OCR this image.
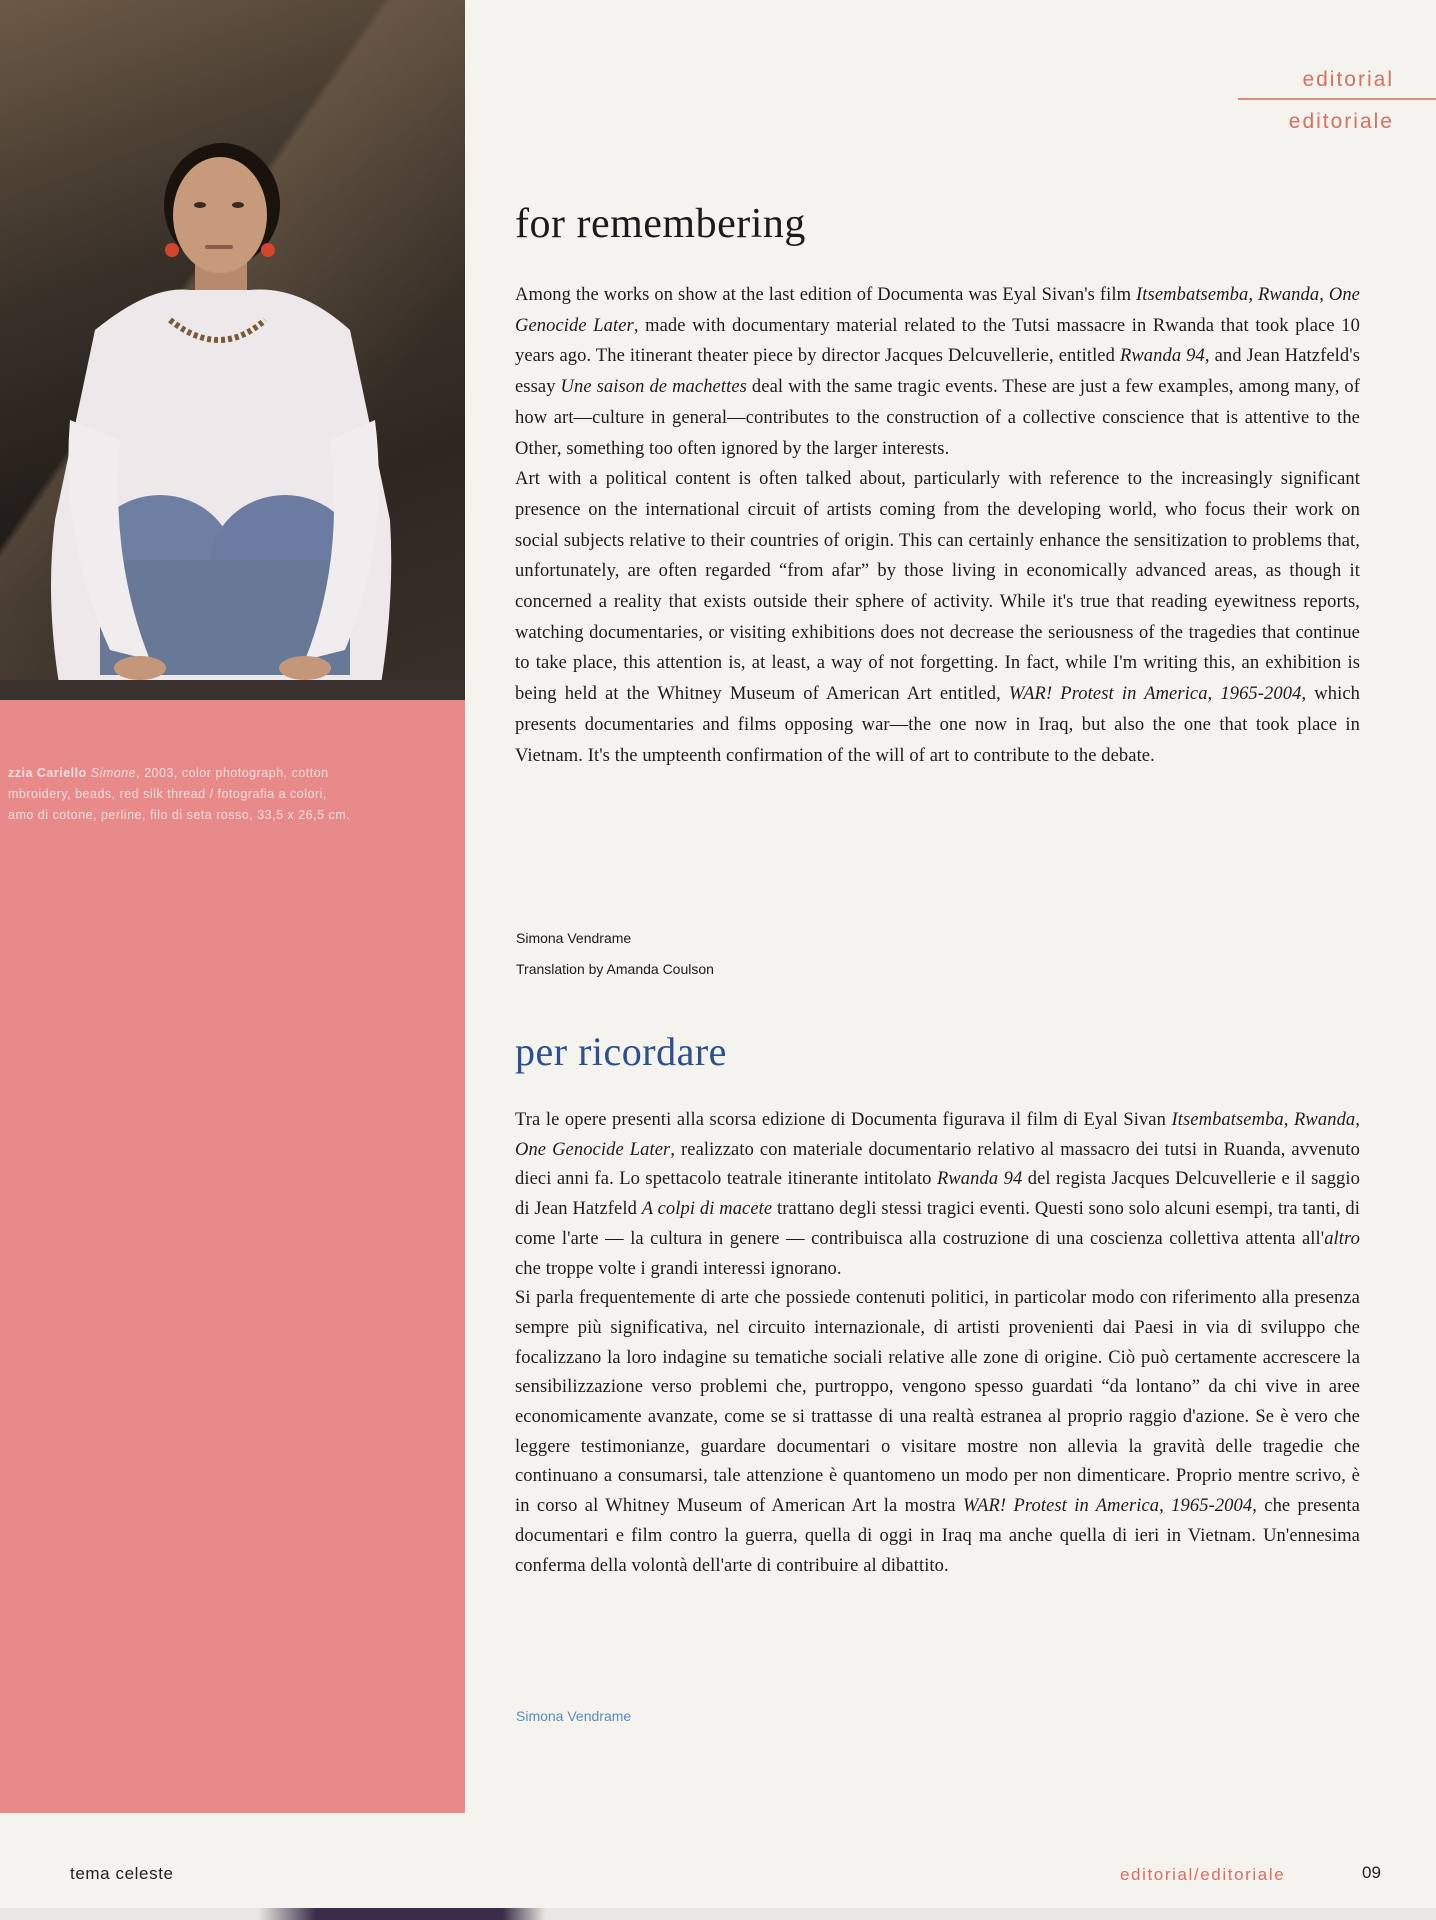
zzia Cariello Simone, 2003, color photograph, cotton
mbroidery, beads, red silk thread / fotografia a colori,
amo di cotone, perline, filo di seta rosso, 33,5 x 26,5 cm.
editorial
editoriale
for remembering

Among the works on show at the last edition of Documenta was Eyal Sivan's film Itsembatsemba, Rwanda, One Genocide Later, made with documentary material related to the Tutsi massacre in Rwanda that took place 10 years ago. The itinerant theater piece by director Jacques Delcuvellerie, entitled Rwanda 94, and Jean Hatzfeld's essay Une saison de machettes deal with the same tragic events. These are just a few examples, among many, of how art—culture in general—contributes to the construction of a collective conscience that is attentive to the Other, something too often ignored by the larger interests.

Art with a political content is often talked about, particularly with reference to the increasingly significant presence on the international circuit of artists coming from the developing world, who focus their work on social subjects relative to their countries of origin. This can certainly enhance the sensitization to problems that, unfortunately, are often regarded “from afar” by those living in economically advanced areas, as though it concerned a reality that exists outside their sphere of activity. While it's true that reading eyewitness reports, watching documentaries, or visiting exhibitions does not decrease the seriousness of the tragedies that continue to take place, this attention is, at least, a way of not forgetting. In fact, while I'm writing this, an exhibition is being held at the Whitney Museum of American Art entitled, WAR! Protest in America, 1965-2004, which presents documentaries and films opposing war—the one now in Iraq, but also the one that took place in Vietnam. It's the umpteenth confirmation of the will of art to contribute to the debate.

Simona Vendrame
Translation by Amanda Coulson
per ricordare

Tra le opere presenti alla scorsa edizione di Documenta figurava il film di Eyal Sivan Itsembatsemba, Rwanda, One Genocide Later, realizzato con materiale documentario relativo al massacro dei tutsi in Ruanda, avvenuto dieci anni fa. Lo spettacolo teatrale itinerante intitolato Rwanda 94 del regista Jacques Delcuvellerie e il saggio di Jean Hatzfeld A colpi di macete trattano degli stessi tragici eventi. Questi sono solo alcuni esempi, tra tanti, di come l'arte — la cultura in genere — contribuisca alla costruzione di una coscienza collettiva attenta all'altro che troppe volte i grandi interessi ignorano.

Si parla frequentemente di arte che possiede contenuti politici, in particolar modo con riferimento alla presenza sempre più significativa, nel circuito internazionale, di artisti provenienti dai Paesi in via di sviluppo che focalizzano la loro indagine su tematiche sociali relative alle zone di origine. Ciò può certamente accrescere la sensibilizzazione verso problemi che, purtroppo, vengono spesso guardati “da lontano” da chi vive in aree economicamente avanzate, come se si trattasse di una realtà estranea al proprio raggio d'azione. Se è vero che leggere testimonianze, guardare documentari o visitare mostre non allevia la gravità delle tragedie che continuano a consumarsi, tale attenzione è quantomeno un modo per non dimenticare. Proprio mentre scrivo, è in corso al Whitney Museum of American Art la mostra WAR! Protest in America, 1965-2004, che presenta documentari e film contro la guerra, quella di oggi in Iraq ma anche quella di ieri in Vietnam. Un'ennesima conferma della volontà dell'arte di contribuire al dibattito.

Simona Vendrame
tema celeste	editorial/editoriale	09
